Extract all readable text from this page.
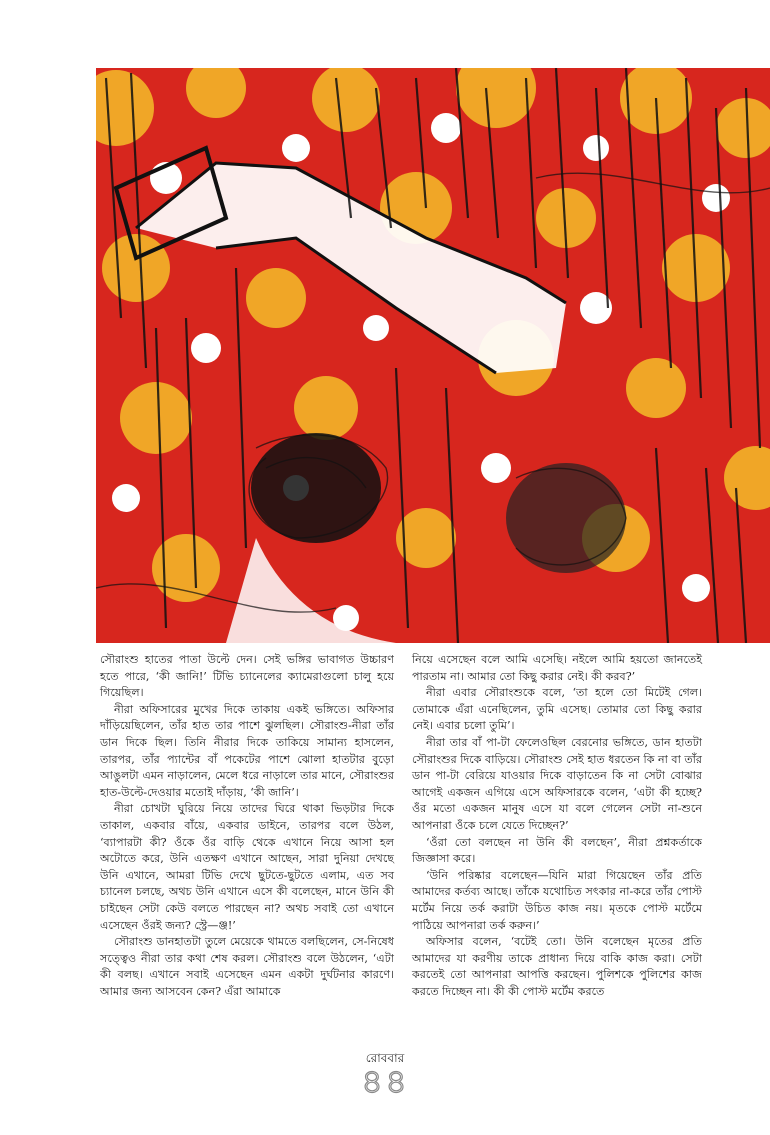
সৌরাংশু হাতের পাতা উল্টে দেন। সেই ভঙ্গির ভাবাগত উচ্চারণ হতে পারে, ‘কী জানি!’ টিভি চ্যানেলের ক্যামেরাগুলো চালু হয়ে গিয়েছিল।

নীরা অফিসারের মুখের দিকে তাকায় একই ভঙ্গিতে। অফিসার দাঁড়িয়েছিলেন, তাঁর হাত তার পাশে ঝুলছিল। সৌরাংশু-নীরা তাঁর ডান দিকে ছিল। তিনি নীরার দিকে তাকিয়ে সামান্য হাসলেন, তারপর, তাঁর প্যান্টের বাঁ পকেটের পাশে ঝোলা হাতটার বুড়ো আঙুলটা এমন নাড়ালেন, মেলে ধরে নাড়ালে তার মানে, সৌরাংশুর হাত-উল্টে-দেওয়ার মতোই দাঁড়ায়, ‘কী জানি’।

নীরা চোখটা ঘুরিয়ে নিয়ে তাদের ঘিরে থাকা ভিড়টার দিকে তাকাল, একবার বাঁয়ে, একবার ডাইনে, তারপর বলে উঠল, ‘ব্যাপারটা কী? ওঁকে ওঁর বাড়ি থেকে এখানে নিয়ে আসা হল অটোতে করে, উনি এতক্ষণ এখানে আছেন, সারা দুনিয়া দেখছে উনি এখানে, আমরা টিভি দেখে ছুটতে-ছুটতে এলাম, এত সব চ্যানেল চলছে, অথচ উনি এখানে এসে কী বলেছেন, মানে উনি কী চাইছেন সেটা কেউ বলতে পারছেন না? অথচ সবাই তো এখানে এসেছেন ওঁরই জন্য? স্ট্রে—ঞ্জ!’

সৌরাংশু ডানহাতটা তুলে মেয়েকে থামতে বলছিলেন, সে-নিষেধ সত্ত্বেও নীরা তার কথা শেষ করল। সৌরাংশু বলে উঠলেন, ‘এটা কী বলছ। এখানে সবাই এসেছেন এমন একটা দুর্ঘটনার কারণে। আমার জন্য আসবেন কেন? এঁরা আমাকে

নিয়ে এসেছেন বলে আমি এসেছি। নইলে আমি হয়তো জানতেই পারতাম না। আমার তো কিছু করার নেই। কী করব?’

নীরা এবার সৌরাংশুকে বলে, ‘তা হলে তো মিটেই গেল। তোমাকে এঁরা এনেছিলেন, তুমি এসেছ। তোমার তো কিছু করার নেই। এবার চলো তুমি’।

নীরা তার বাঁ পা-টা ফেলেওছিল বেরনোর ভঙ্গিতে, ডান হাতটা সৌরাংশুর দিকে বাড়িয়ে। সৌরাংশু সেই হাত ধরতেন কি না বা তাঁর ডান পা-টা বেরিয়ে যাওয়ার দিকে বাড়াতেন কি না সেটা বোঝার আগেই একজন এগিয়ে এসে অফিসারকে বলেন, ‘এটা কী হচ্ছে? ওঁর মতো একজন মানুষ এসে যা বলে গেলেন সেটা না-শুনে আপনারা ওঁকে চলে যেতে দিচ্ছেন?’

‘ওঁরা তো বলছেন না উনি কী বলছেন’, নীরা প্রশ্নকর্তাকে জিজ্ঞাসা করে।

‘উনি পরিষ্কার বলেছেন—যিনি মারা গিয়েছেন তাঁর প্রতি আমাদের কর্তব্য আছে। তাঁকে যথোচিত সৎকার না-করে তাঁর পোস্ট মর্টেম নিয়ে তর্ক করাটা উচিত কাজ নয়। মৃতকে পোস্ট মর্টেমে পাঠিয়ে আপনারা তর্ক করুন।’

অফিসার বলেন, ‘বটেই তো। উনি বলেছেন মৃতের প্রতি আমাদের যা করণীয় তাকে প্রাধান্য দিয়ে বাকি কাজ করা। সেটা করতেই তো আপনারা আপত্তি করছেন। পুলিশকে পুলিশের কাজ করতে দিচ্ছেন না। কী কী পোস্ট মর্টেম করতে

রোববার
৪৪
